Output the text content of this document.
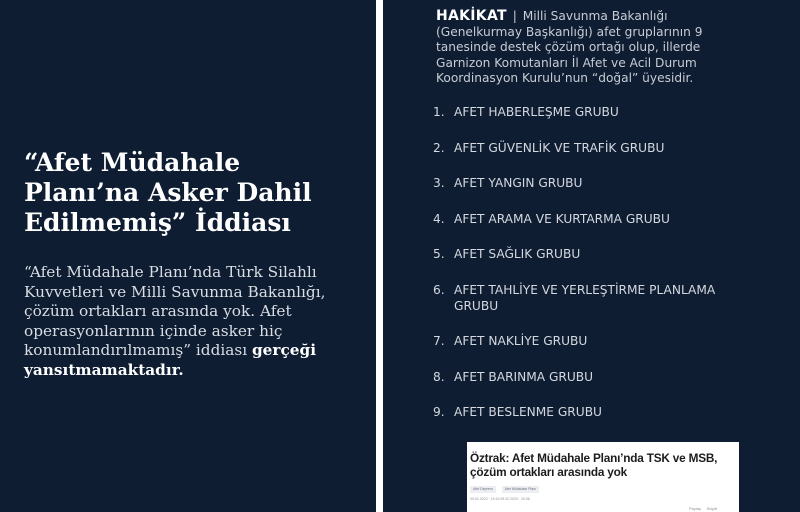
“Afet Müdahale Planı’na Asker Dahil Edilmemiş” İddiası

“Afet Müdahale Planı’nda Türk Silahlı Kuvvetleri ve Milli Savunma Bakanlığı, çözüm ortakları arasında yok. Afet operasyonlarının içinde asker hiç konumlandırılmamış” iddiası gerçeği yansıtmamaktadır.

HAKİKAT | Milli Savunma Bakanlığı (Genelkurmay Başkanlığı) afet gruplarının 9 tanesinde destek çözüm ortağı olup, illerde Garnizon Komutanları İl Afet ve Acil Durum Koordinasyon Kurulu’nun “doğal” üyesidir.

1. AFET HABERLEŞME GRUBU
2. AFET GÜVENLİK VE TRAFİK GRUBU
3. AFET YANGIN GRUBU
4. AFET ARAMA VE KURTARMA GRUBU
5. AFET SAĞLIK GRUBU
6. AFET TAHLİYE VE YERLEŞTİRME PLANLAMA GRUBU
7. AFET NAKLİYE GRUBU
8. AFET BARINMA GRUBU
9. AFET BESLENME GRUBU

Öztrak: Afet Müdahale Planı’nda TSK ve MSB, çözüm ortakları arasında yok

Afet Deprem	Afet Müdahale Planı
09.02.2023 · 19:15 09.02.2023 · 20:36
Paylaş Büyüt
